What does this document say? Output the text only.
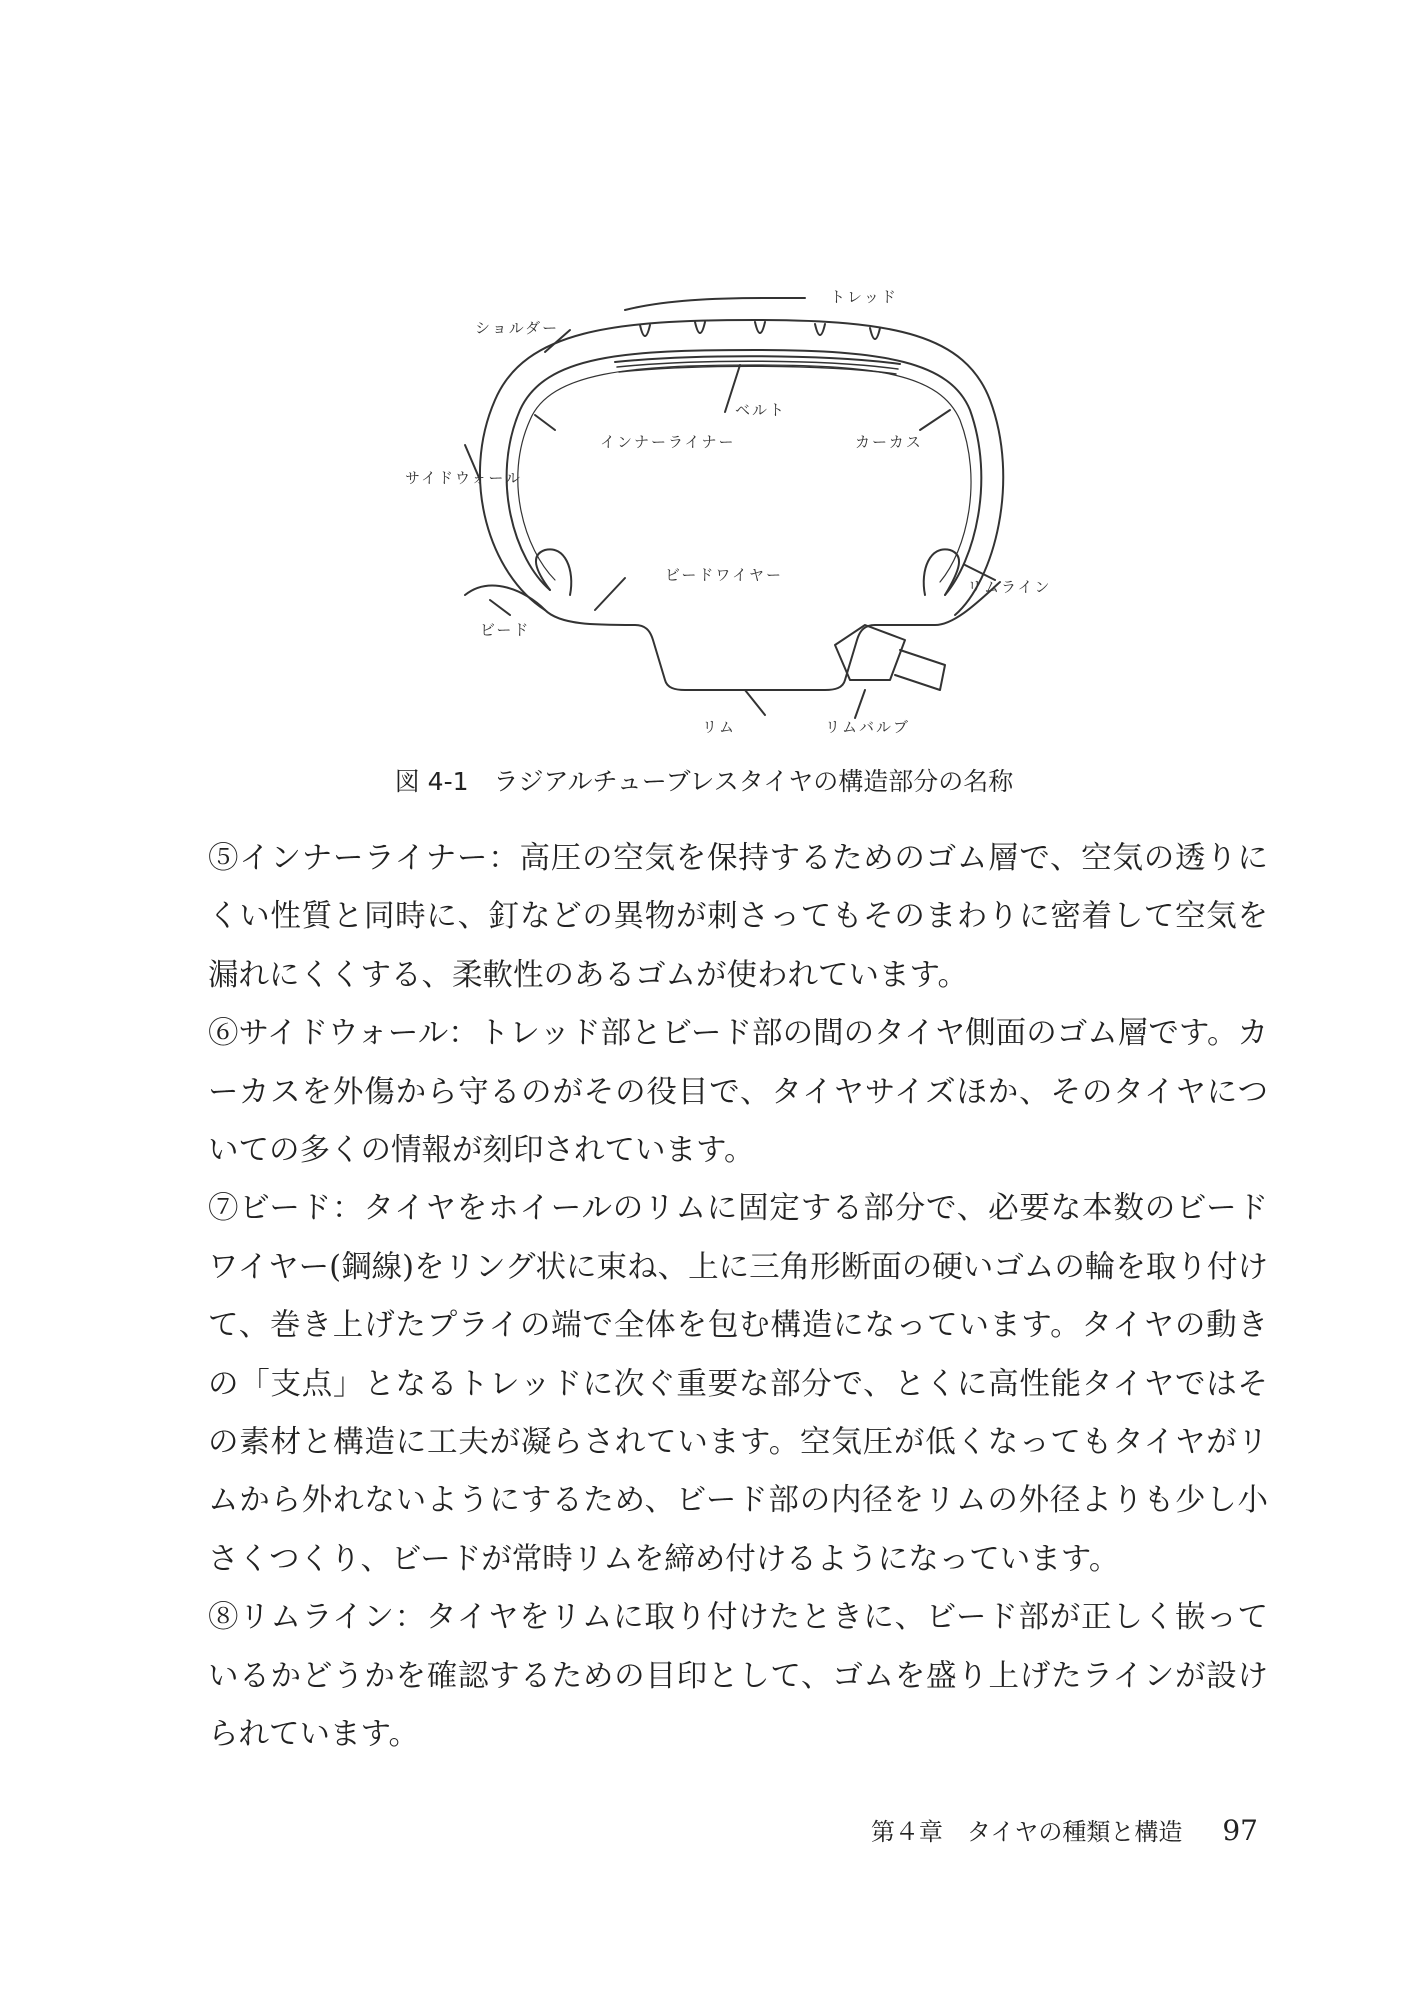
トレッド
ショルダー
ベルト
インナーライナー	カーカス
サイドウォール
ビードワイヤー
リムライン
ビード
リム	リムバルブ
図 4-1　ラジアルチューブレスタイヤの構造部分の名称

⑤インナーライナー：高圧の空気を保持するためのゴム層で、空気の透りにくい性質と同時に、釘などの異物が刺さってもそのまわりに密着して空気を漏れにくくする、柔軟性のあるゴムが使われています。

⑥サイドウォール：トレッド部とビード部の間のタイヤ側面のゴム層です。カーカスを外傷から守るのがその役目で、タイヤサイズほか、そのタイヤについての多くの情報が刻印されています。

⑦ビード：タイヤをホイールのリムに固定する部分で、必要な本数のビードワイヤー(鋼線)をリング状に束ね、上に三角形断面の硬いゴムの輪を取り付けて、巻き上げたプライの端で全体を包む構造になっています。タイヤの動きの「支点」となるトレッドに次ぐ重要な部分で、とくに高性能タイヤではその素材と構造に工夫が凝らされています。空気圧が低くなってもタイヤがリムから外れないようにするため、ビード部の内径をリムの外径よりも少し小さくつくり、ビードが常時リムを締め付けるようになっています。

⑧リムライン：タイヤをリムに取り付けたときに、ビード部が正しく嵌っているかどうかを確認するための目印として、ゴムを盛り上げたラインが設けられています。

第４章　タイヤの種類と構造 97
